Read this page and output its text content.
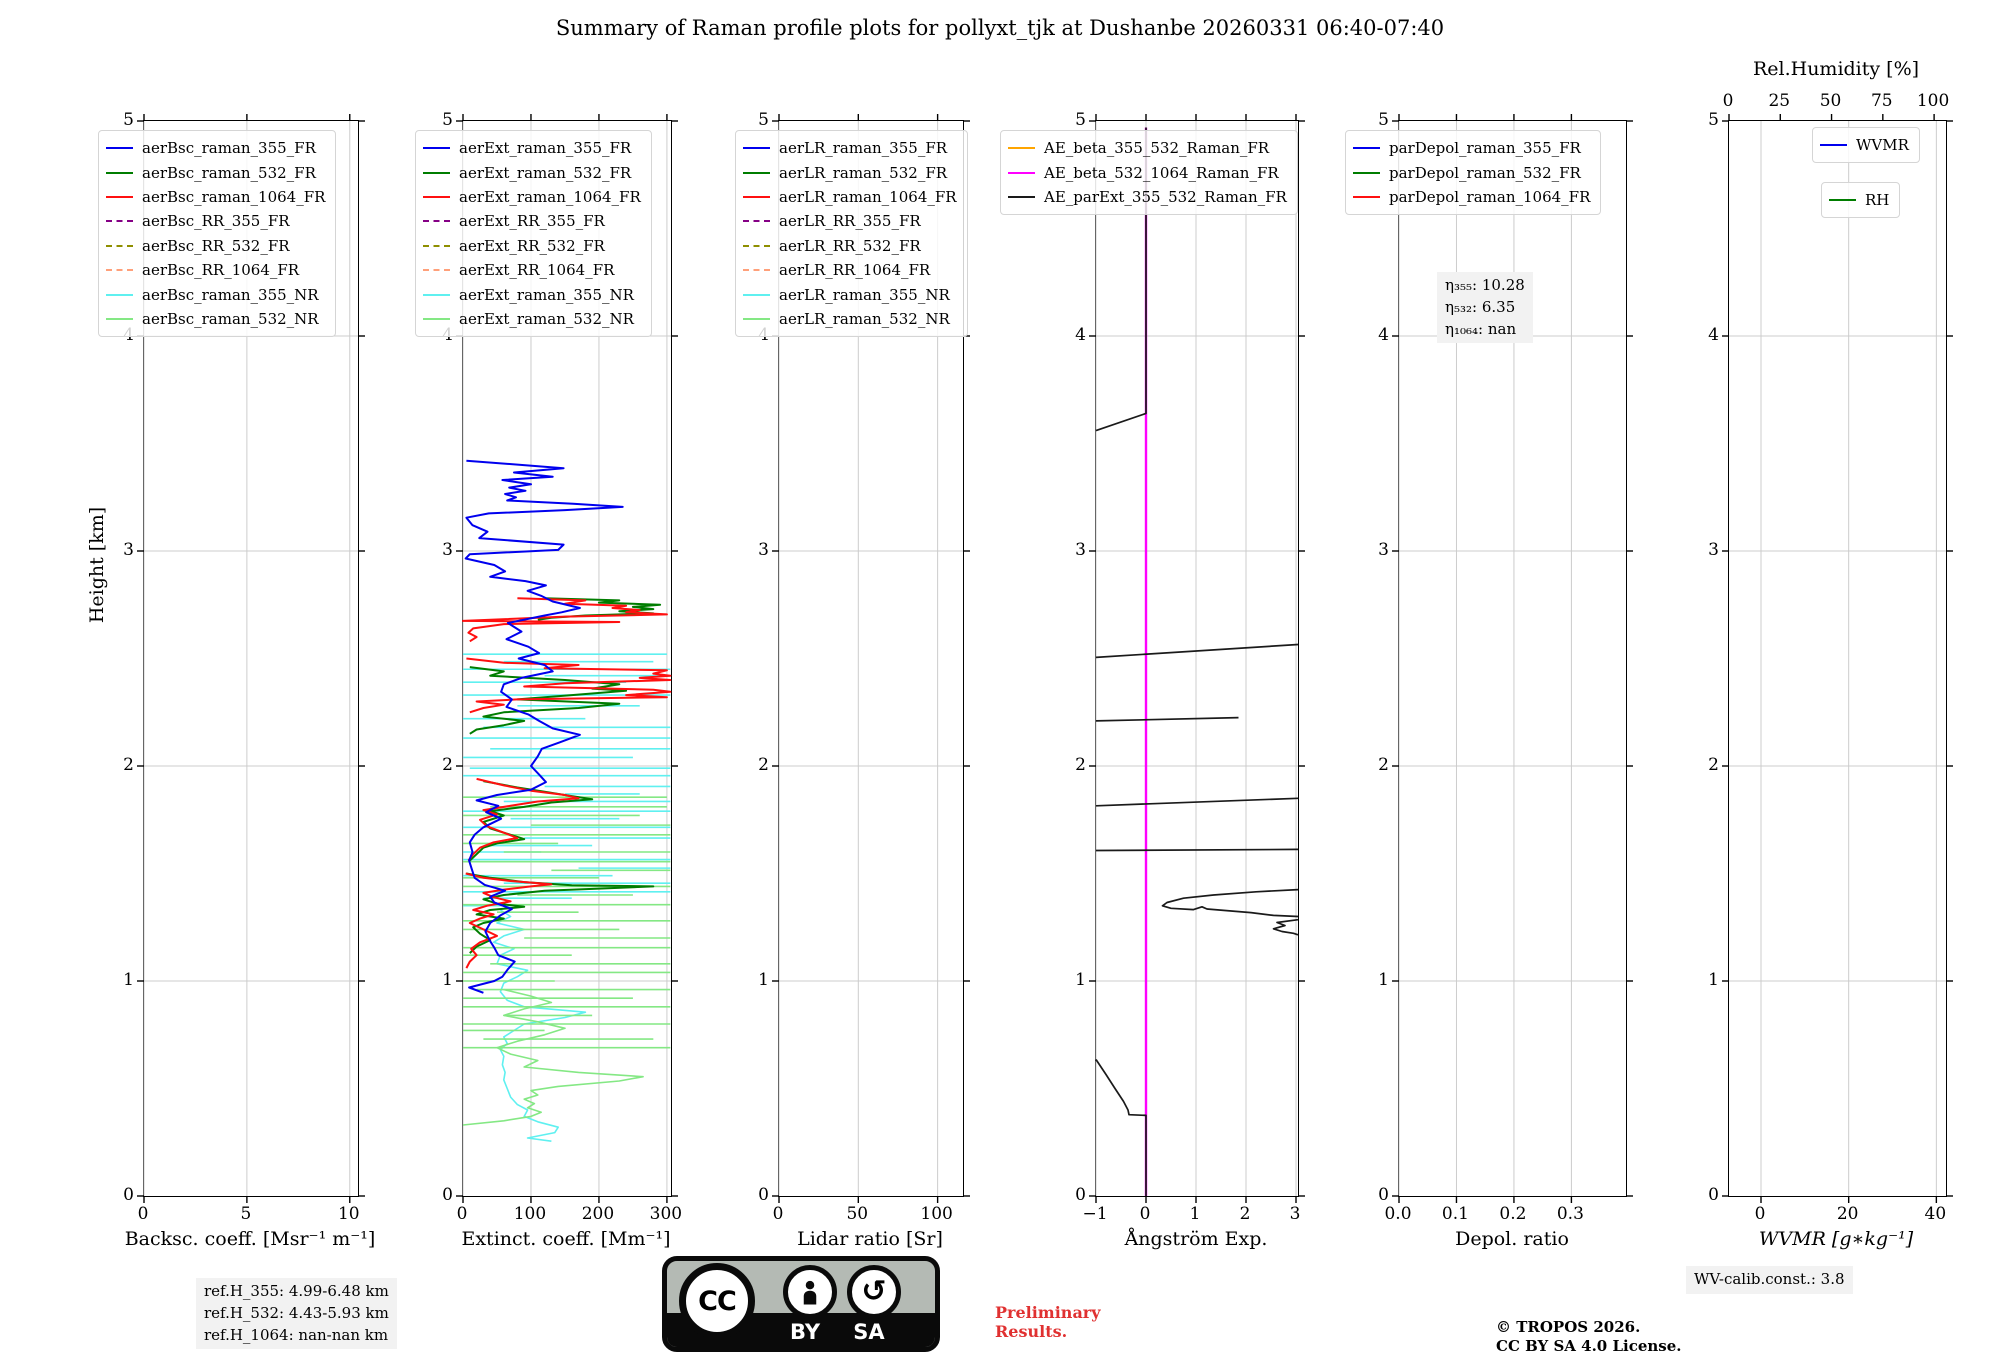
Summary of Raman profile plots for pollyxt_tjk at Dushanbe 20260331 06:40-07:40
Height [km]
Backsc. coeff. [Msr⁻¹ m⁻¹]	Extinct. coeff. [Mm⁻¹]	Lidar ratio [Sr]	Ångström Exp.	Depol. ratio	WVMR [g∗kg⁻¹]
Rel.Humidity [%]
η₃₅₅: 10.28
η₅₃₂: 6.35
η₁₀₆₄: nan
ref.H_355: 4.99-6.48 km
ref.H_532: 4.43-5.93 km
ref.H_1064: nan-nan km
WV-calib.const.: 3.8
Preliminary
Results.	© TROPOS 2026.
CC BY SA 4.0 License.
CC	↺
BY SA
0
1
2
3
5
0	5	10
aerBsc_raman_355_FR
aerBsc_raman_532_FR
aerBsc_raman_1064_FR
aerBsc_RR_355_FR
aerBsc_RR_532_FR
aerBsc_RR_1064_FR
aerBsc_raman_355_NR
aerBsc_raman_532_NR
0
1
2
3
5
0	100 200 300
aerExt_raman_355_FR
aerExt_raman_532_FR
aerExt_raman_1064_FR
aerExt_RR_355_FR
aerExt_RR_532_FR
aerExt_RR_1064_FR
aerExt_raman_355_NR
aerExt_raman_532_NR
0
1
2
3
5
0	50	100
aerLR_raman_355_FR
aerLR_raman_532_FR
aerLR_raman_1064_FR
aerLR_RR_355_FR
aerLR_RR_532_FR
aerLR_RR_1064_FR
aerLR_raman_355_NR
aerLR_raman_532_NR
0
1
2
3
4
5
−1 0 1 2 3
AE_beta_355_532_Raman_FR
AE_beta_532_1064_Raman_FR
AE_parExt_355_532_Raman_FR
0
1
2
3
4
5
0.0 0.1 0.2 0.3
parDepol_raman_355_FR
parDepol_raman_532_FR
parDepol_raman_1064_FR
0 25 50 75 100
0
1
2
3
4
5
0	20	40
WVMR
RH
